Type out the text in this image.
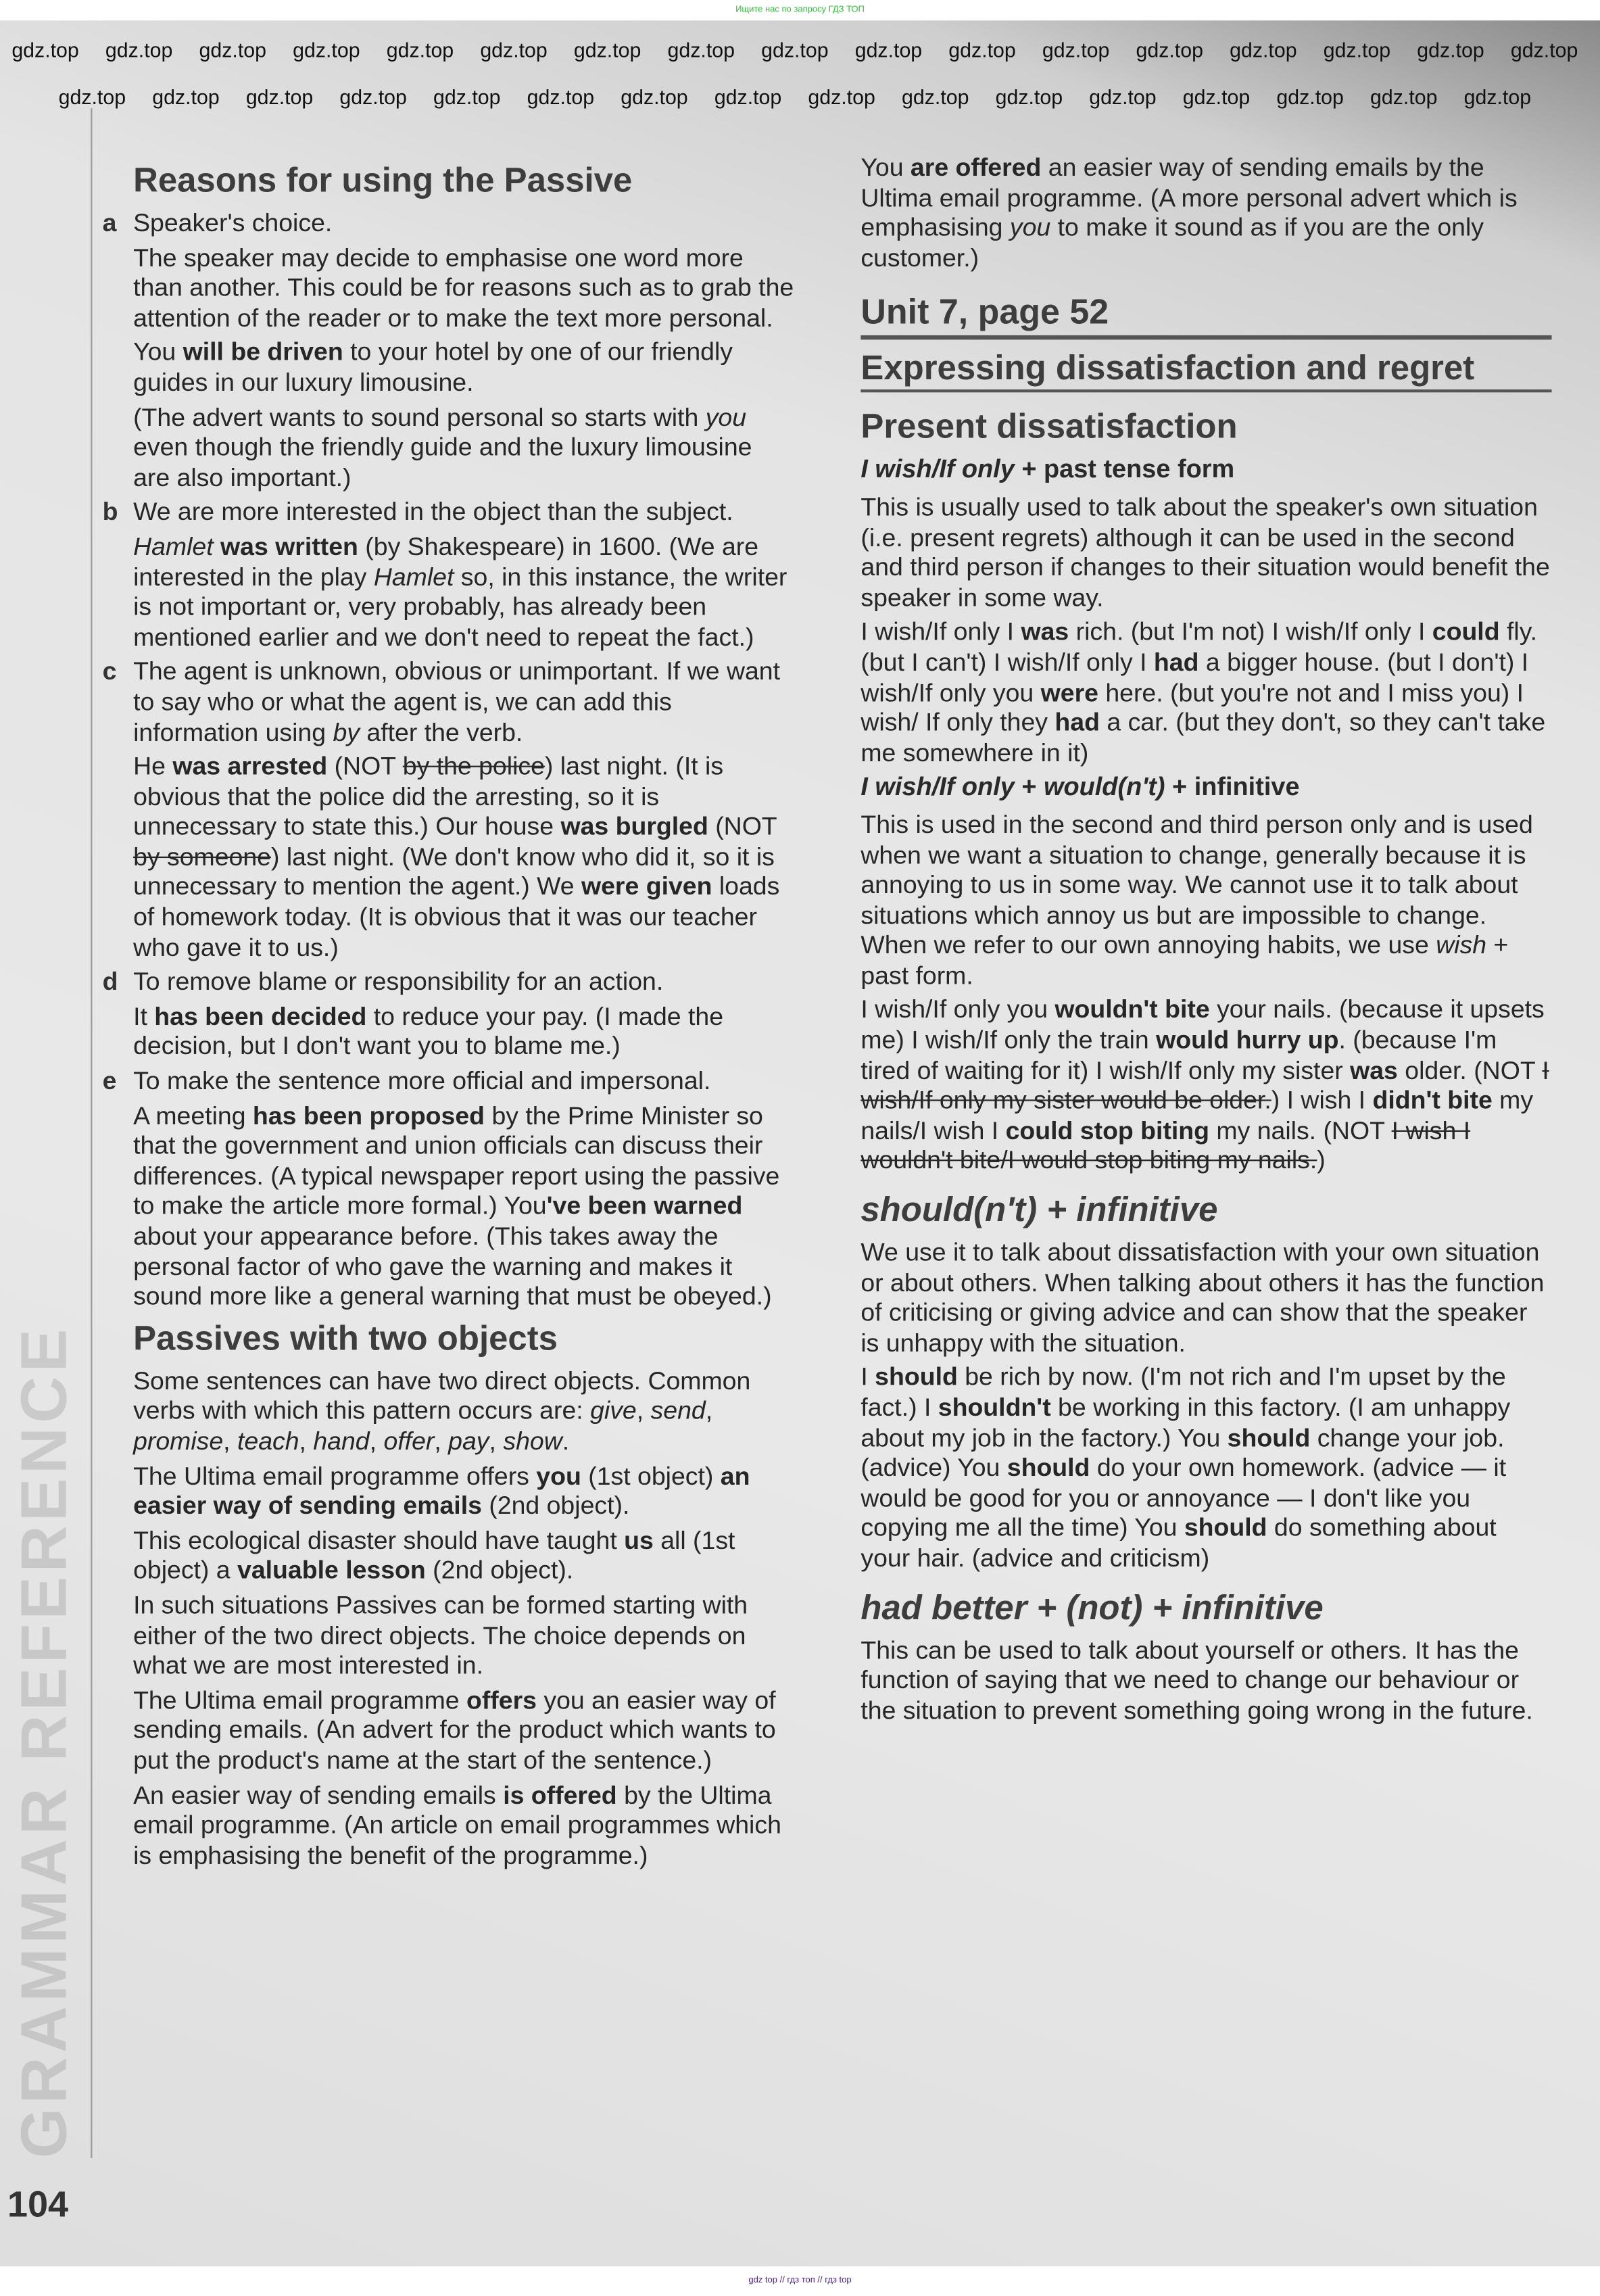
Ищите нас по запросу ГДЗ ТОП
GRAMMAR REFERENCE
104
Reasons for using the Passive
a Speaker's choice.
The speaker may decide to emphasise one word more than another. This could be for reasons such as to grab the attention of the reader or to make the text more personal.
You will be driven to your hotel by one of our friendly guides in our luxury limousine.
(The advert wants to sound personal so starts with you even though the friendly guide and the luxury limousine are also important.)
b We are more interested in the object than the subject.
Hamlet was written (by Shakespeare) in 1600. (We are interested in the play Hamlet so, in this instance, the writer is not important or, very probably, has already been mentioned earlier and we don't need to repeat the fact.)
c The agent is unknown, obvious or unimportant. If we want to say who or what the agent is, we can add this information using by after the verb.
He was arrested (NOT by the police) last night. (It is obvious that the police did the arresting, so it is unnecessary to state this.) Our house was burgled (NOT by someone) last night. (We don't know who did it, so it is unnecessary to mention the agent.) We were given loads of homework today. (It is obvious that it was our teacher who gave it to us.)
d To remove blame or responsibility for an action.
It has been decided to reduce your pay. (I made the decision, but I don't want you to blame me.)
e To make the sentence more official and impersonal.
A meeting has been proposed by the Prime Minister so that the government and union officials can discuss their differences. (A typical newspaper report using the passive to make the article more formal.) You've been warned about your appearance before. (This takes away the personal factor of who gave the warning and makes it sound more like a general warning that must be obeyed.)
Passives with two objects
Some sentences can have two direct objects. Common verbs with which this pattern occurs are: give, send, promise, teach, hand, offer, pay, show.
The Ultima email programme offers you (1st object) an easier way of sending emails (2nd object).
This ecological disaster should have taught us all (1st object) a valuable lesson (2nd object).
In such situations Passives can be formed starting with either of the two direct objects. The choice depends on what we are most interested in.
The Ultima email programme offers you an easier way of sending emails. (An advert for the product which wants to put the product's name at the start of the sentence.)
An easier way of sending emails is offered by the Ultima email programme. (An article on email programmes which is emphasising the benefit of the programme.)
You are offered an easier way of sending emails by the Ultima email programme. (A more personal advert which is emphasising you to make it sound as if you are the only customer.)
Unit 7, page 52
Expressing dissatisfaction and regret
Present dissatisfaction
I wish/If only + past tense form
This is usually used to talk about the speaker's own situation (i.e. present regrets) although it can be used in the second and third person if changes to their situation would benefit the speaker in some way.
I wish/If only I was rich. (but I'm not) I wish/If only I could fly. (but I can't) I wish/If only I had a bigger house. (but I don't) I wish/If only you were here. (but you're not and I miss you) I wish/ If only they had a car. (but they don't, so they can't take me somewhere in it)
I wish/If only + would(n't) + infinitive
This is used in the second and third person only and is used when we want a situation to change, generally because it is annoying to us in some way. We cannot use it to talk about situations which annoy us but are impossible to change. When we refer to our own annoying habits, we use wish + past form.
I wish/If only you wouldn't bite your nails. (because it upsets me) I wish/If only the train would hurry up. (because I'm tired of waiting for it) I wish/If only my sister was older. (NOT I wish/If only my sister would be older.) I wish I didn't bite my nails/I wish I could stop biting my nails. (NOT I wish I wouldn't bite/I would stop biting my nails.)
should(n't) + infinitive
We use it to talk about dissatisfaction with your own situation or about others. When talking about others it has the function of criticising or giving advice and can show that the speaker is unhappy with the situation.
I should be rich by now. (I'm not rich and I'm upset by the fact.) I shouldn't be working in this factory. (I am unhappy about my job in the factory.) You should change your job. (advice) You should do your own homework. (advice — it would be good for you or annoyance — I don't like you copying me all the time) You should do something about your hair. (advice and criticism)
had better + (not) + infinitive
This can be used to talk about yourself or others. It has the function of saying that we need to change our behaviour or the situation to prevent something going wrong in the future.
gdz.top	gdz.top	gdz.top	gdz.top	gdz.top	gdz.top	gdz.top	gdz.top	gdz.top	gdz.top	gdz.top	gdz.top	gdz.top	gdz.top	gdz.top	gdz.top	gdz.top
gdz.top	gdz.top	gdz.top	gdz.top	gdz.top	gdz.top	gdz.top	gdz.top	gdz.top	gdz.top	gdz.top	gdz.top	gdz.top	gdz.top	gdz.top	gdz.top
gdz top // гдз топ // гдз top
